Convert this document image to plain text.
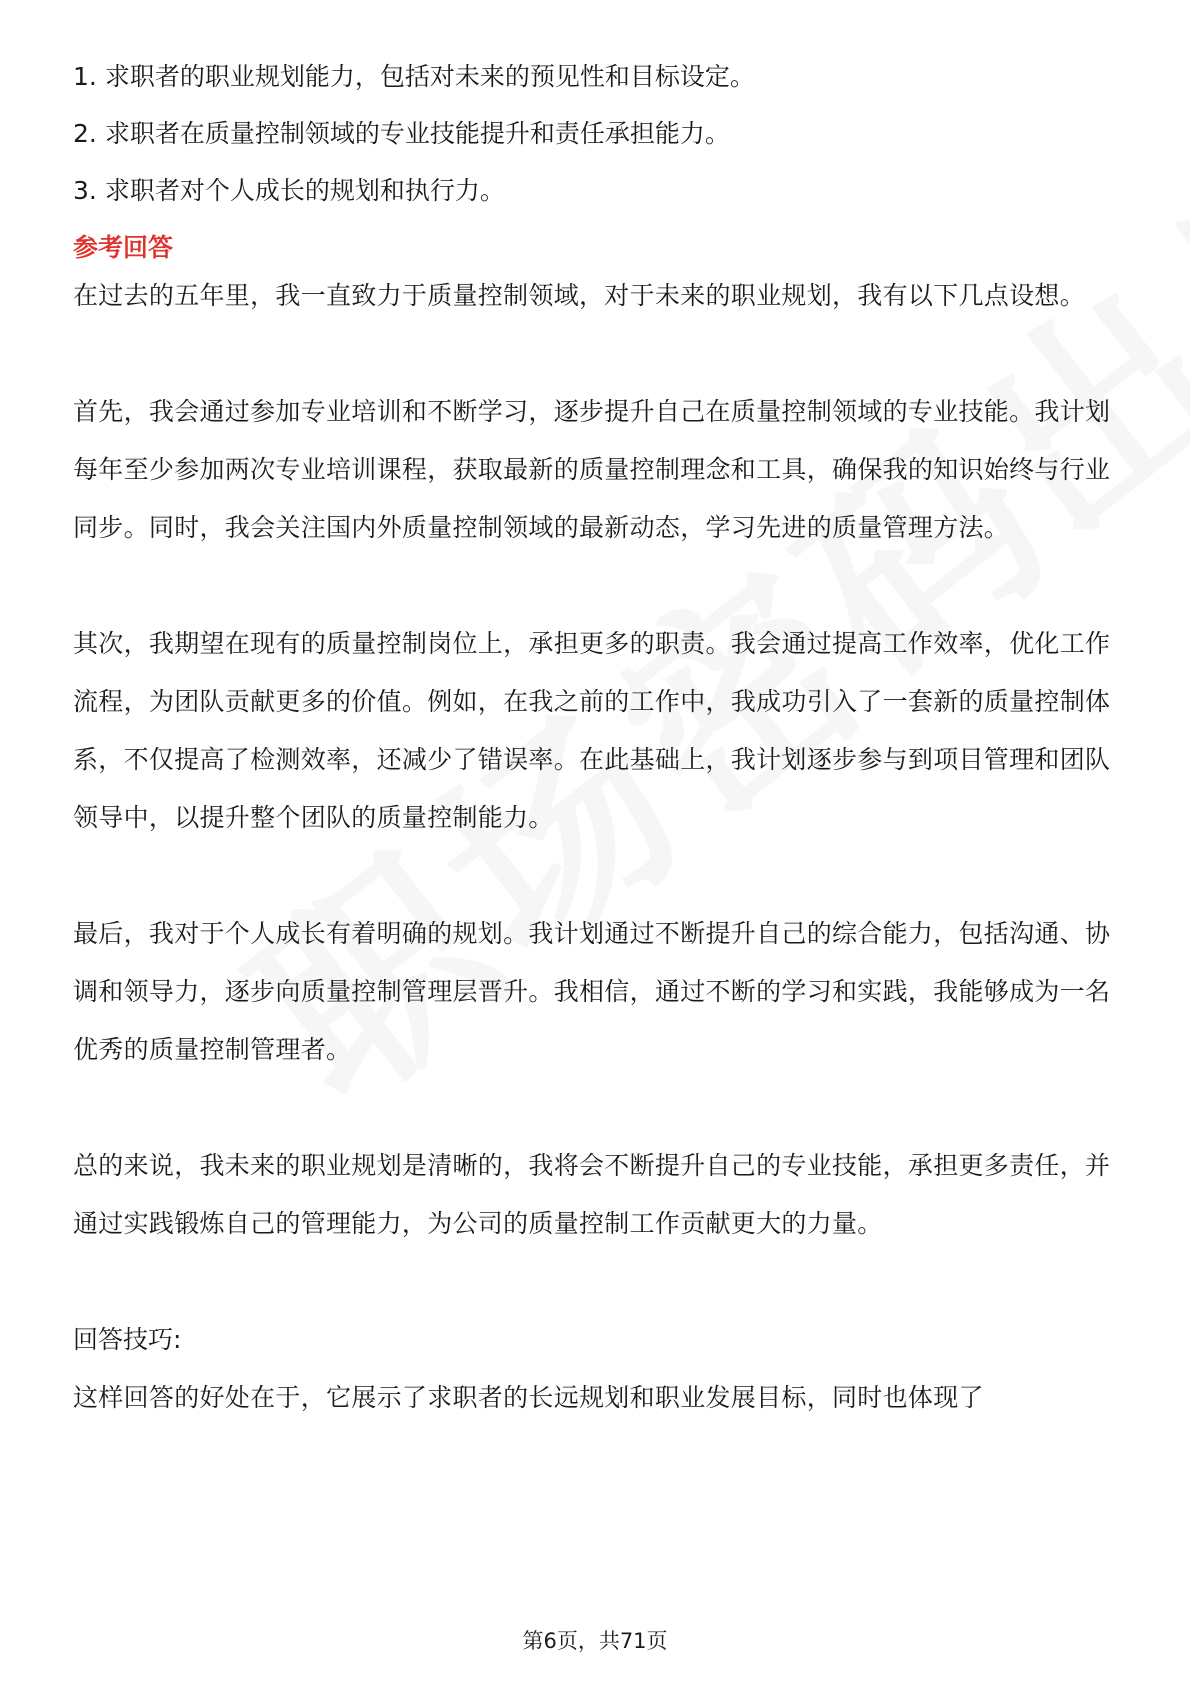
1. 求职者的职业规划能力，包括对未来的预见性和目标设定。
2. 求职者在质量控制领域的专业技能提升和责任承担能力。
3. 求职者对个人成长的规划和执行力。
参考回答

在过去的五年里，我一直致力于质量控制领域，对于未来的职业规划，我有以下几点设想。

首先，我会通过参加专业培训和不断学习，逐步提升自己在质量控制领域的专业技能。我计划每年至少参加两次专业培训课程，获取最新的质量控制理念和工具，确保我的知识始终与行业同步。同时，我会关注国内外质量控制领域的最新动态，学习先进的质量管理方法。

其次，我期望在现有的质量控制岗位上，承担更多的职责。我会通过提高工作效率，优化工作流程，为团队贡献更多的价值。例如，在我之前的工作中，我成功引入了一套新的质量控制体系，不仅提高了检测效率，还减少了错误率。在此基础上，我计划逐步参与到项目管理和团队领导中，以提升整个团队的质量控制能力。

最后，我对于个人成长有着明确的规划。我计划通过不断提升自己的综合能力，包括沟通、协调和领导力，逐步向质量控制管理层晋升。我相信，通过不断的学习和实践，我能够成为一名优秀的质量控制管理者。

总的来说，我未来的职业规划是清晰的，我将会不断提升自己的专业技能，承担更多责任，并通过实践锻炼自己的管理能力，为公司的质量控制工作贡献更大的力量。

回答技巧:

这样回答的好处在于，它展示了求职者的长远规划和职业发展目标，同时也体现了

第6页，共71页
